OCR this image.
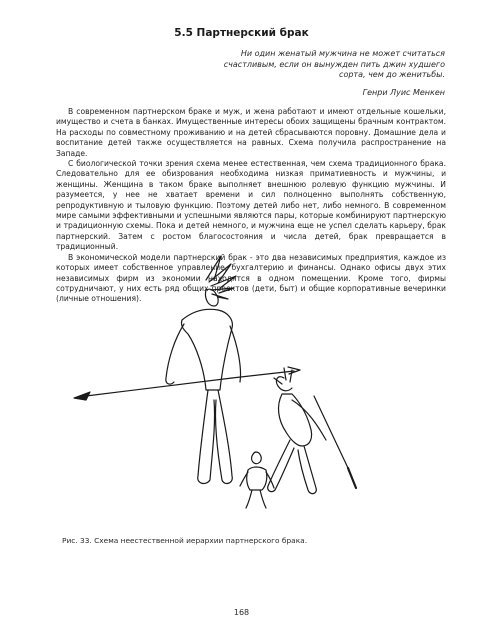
5.5 Партнерский брак
Ни один женатый мужчина не может считаться
счастливым, если он вынужден пить джин худшего
сорта, чем до женитьбы.
Генри Луис Менкен

В современном партнерском браке и муж, и жена работают и имеют отдельные кошельки, имущество и счета в банках. Имущественные интересы обоих защищены брачным контрактом. На расходы по совместному проживанию и на детей сбрасываются поровну. Домашние дела и воспитание детей также осуществляется на равных. Схема получила распространение на Западе.

С биологической точки зрения схема менее естественная, чем схема традиционного брака. Следовательно для ее обизрования необходима низкая приматиевность и мужчины, и женщины. Женщина в таком браке выполняет внешнюю ролевую функцию мужчины. И разумеется, у нее не хватает времени и сил полноценно выполнять собственную, репродуктивную и тыловую функцию. Поэтому детей либо нет, либо немного. В современном мире самыми эффективными и успешными являются пары, которые комбинируют партнерскую и традиционную схемы. Пока и детей немного, и мужчина еще не успел сделать карьеру, брак партнерский. Затем с ростом благосостояния и числа детей, брак превращается в традиционный.

В экономической модели партнерский брак - это два независимых предприятия, каждое из которых имеет собственное управление, бухгалтерию и финансы. Однако офисы двух этих независимых фирм из экономии находятся в одном помещении. Кроме того, фирмы сотрудничают, у них есть ряд общих проектов (дети, быт) и общие корпоративные вечеринки (личные отношения).

Рис. 33. Схема неестественной иерархии партнерского брака.
168
